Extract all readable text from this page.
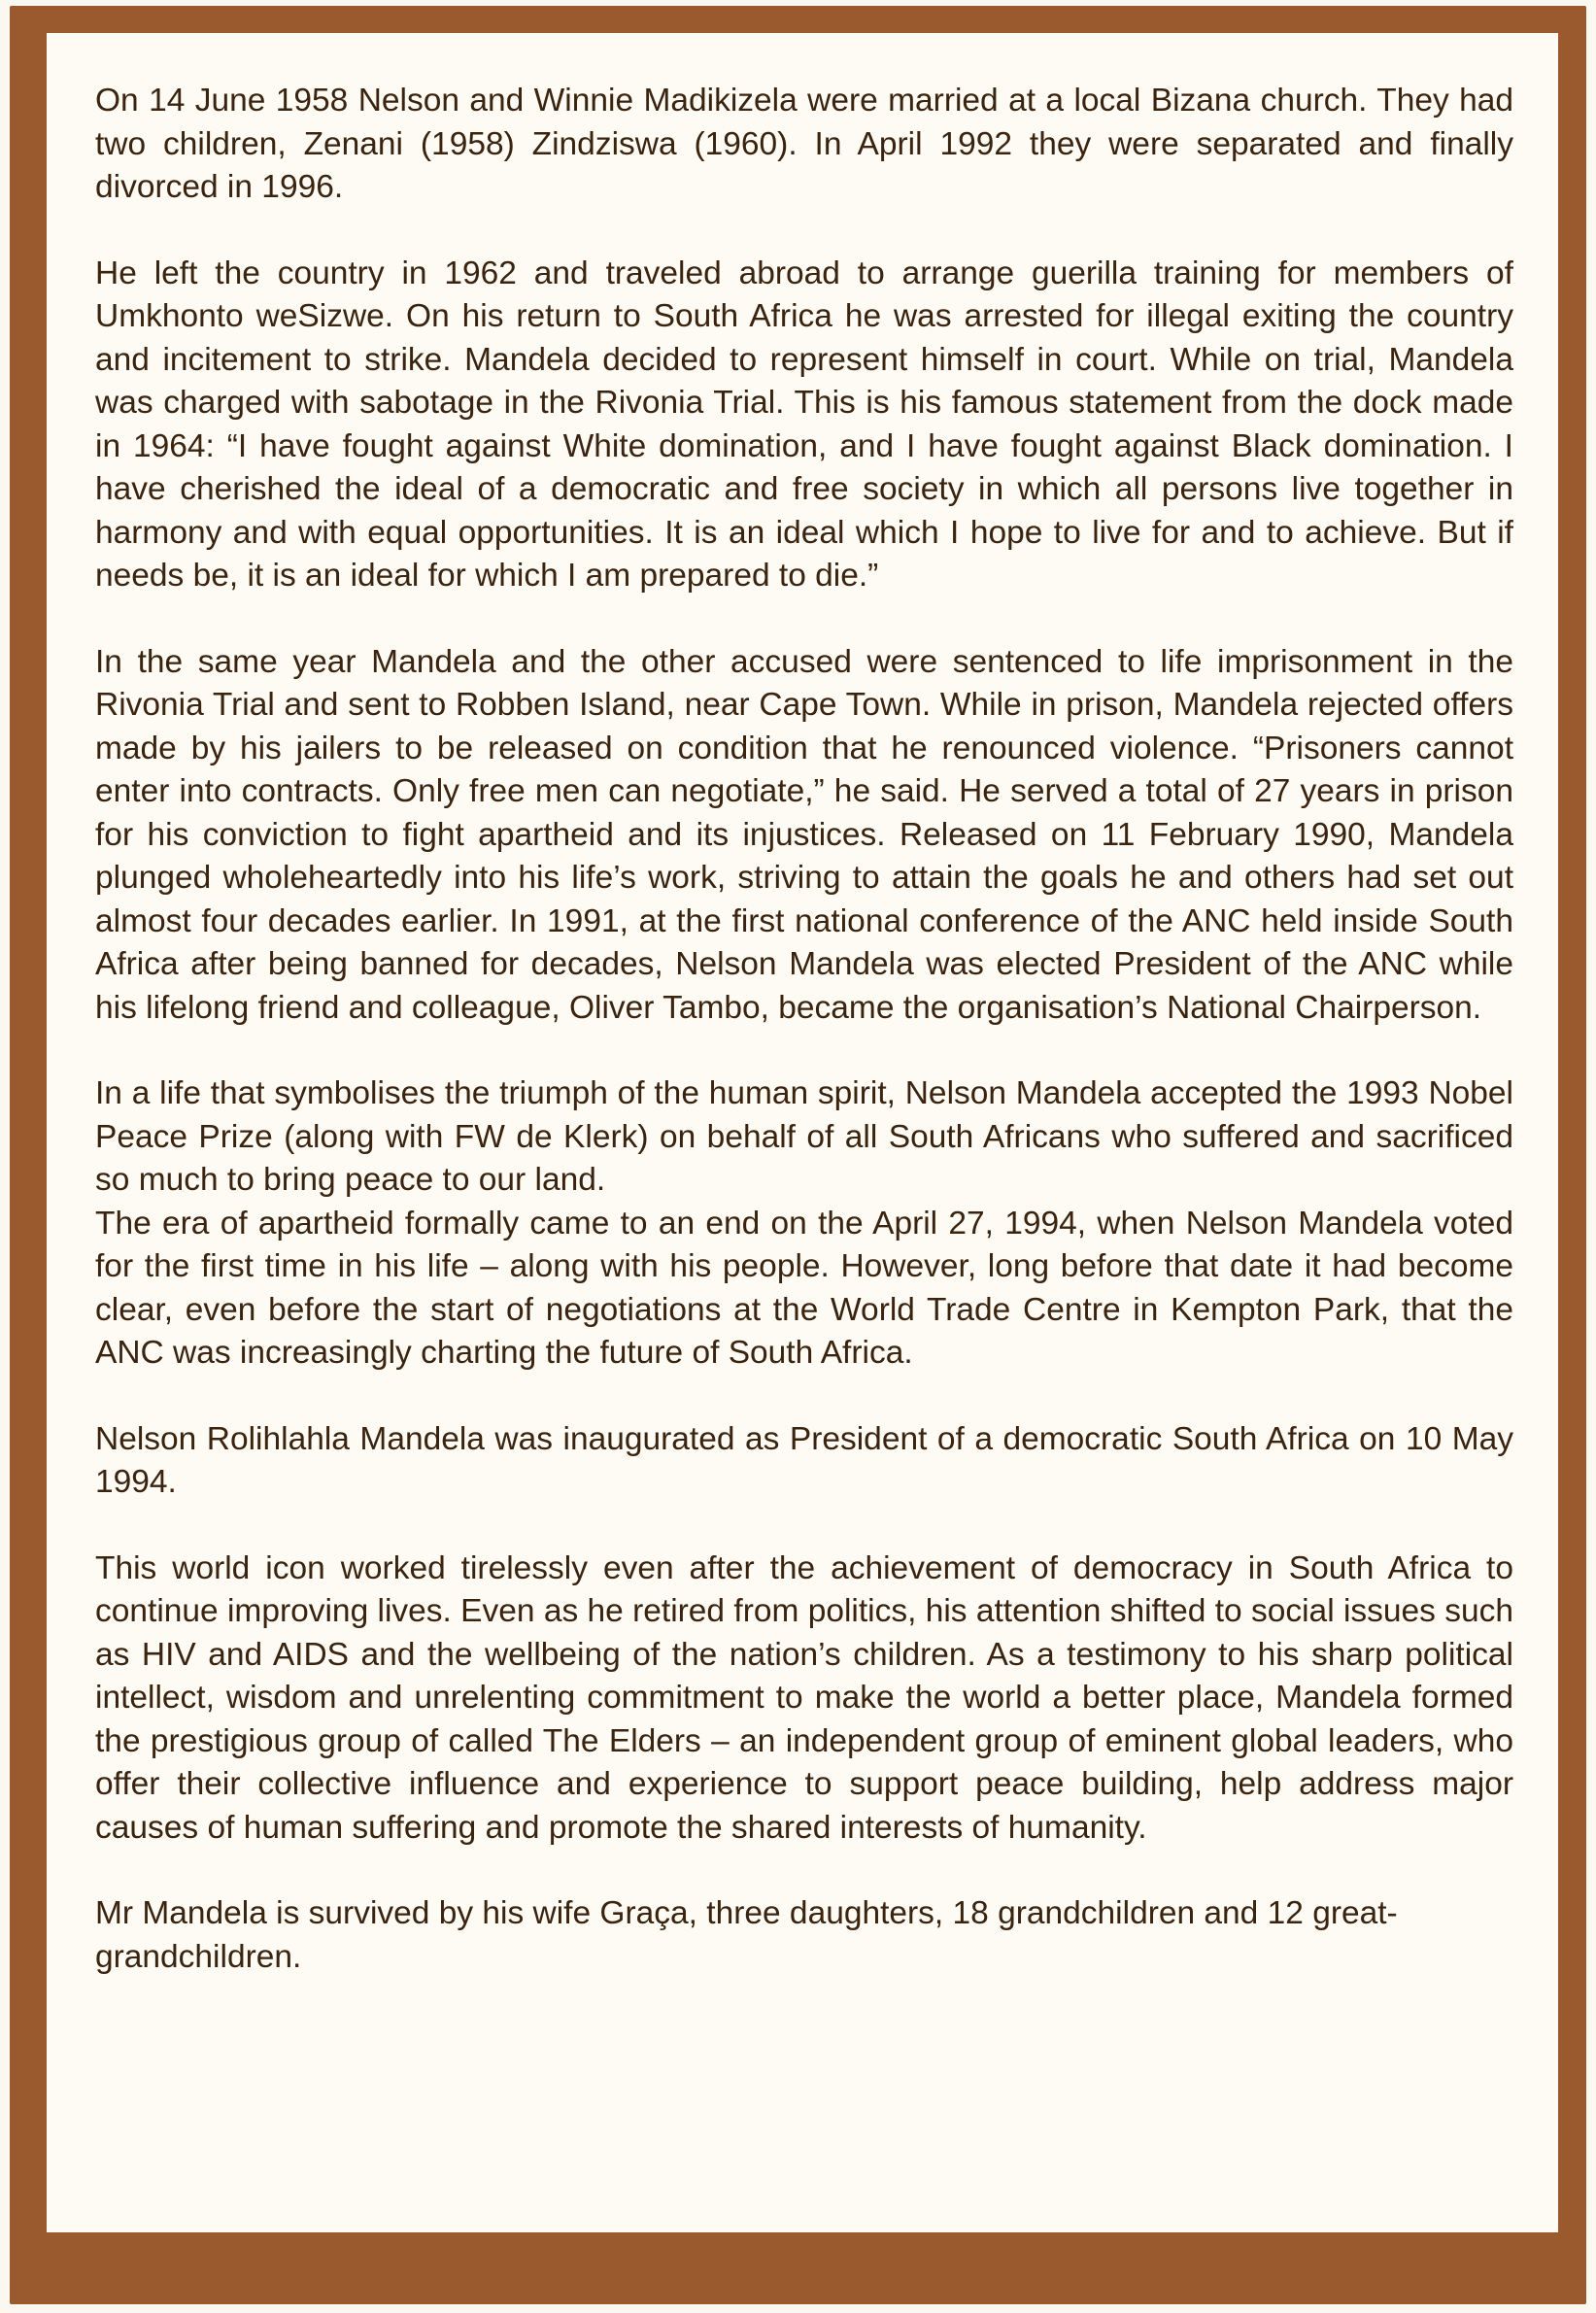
On 14 June 1958 Nelson and Winnie Madikizela were married at a local Bizana church. They had two children, Zenani (1958) Zindziswa (1960). In April 1992 they were separated and finally divorced in 1996.

He left the country in 1962 and traveled abroad to arrange guerilla training for members of Umkhonto weSizwe. On his return to South Africa he was arrested for illegal exiting the country and incitement to strike. Mandela decided to represent himself in court. While on trial, Mandela was charged with sabotage in the Rivonia Trial. This is his famous statement from the dock made in 1964: “I have fought against White domination, and I have fought against Black domination. I have cherished the ideal of a democratic and free society in which all persons live together in harmony and with equal opportunities. It is an ideal which I hope to live for and to achieve. But if needs be, it is an ideal for which I am prepared to die.”

In the same year Mandela and the other accused were sentenced to life imprisonment in the Rivonia Trial and sent to Robben Island, near Cape Town. While in prison, Mandela rejected offers made by his jailers to be released on condition that he renounced violence. “Prisoners cannot enter into contracts. Only free men can negotiate,” he said. He served a total of 27 years in prison for his conviction to fight apartheid and its injustices. Released on 11 February 1990, Mandela plunged wholeheartedly into his life’s work, striving to attain the goals he and others had set out almost four decades earlier. In 1991, at the first national conference of the ANC held inside South Africa after being banned for decades, Nelson Mandela was elected President of the ANC while his lifelong friend and colleague, Oliver Tambo, became the organisation’s National Chairperson.

In a life that symbolises the triumph of the human spirit, Nelson Mandela accepted the 1993 Nobel Peace Prize (along with FW de Klerk) on behalf of all South Africans who suffered and sacrificed so much to bring peace to our land.

The era of apartheid formally came to an end on the April 27, 1994, when Nelson Mandela voted for the first time in his life – along with his people. However, long before that date it had become clear, even before the start of negotiations at the World Trade Centre in Kempton Park, that the ANC was increasingly charting the future of South Africa.

Nelson Rolihlahla Mandela was inaugurated as President of a democratic South Africa on 10 May 1994.

This world icon worked tirelessly even after the achievement of democracy in South Africa to continue improving lives. Even as he retired from politics, his attention shifted to social issues such as HIV and AIDS and the wellbeing of the nation’s children. As a testimony to his sharp political intellect, wisdom and unrelenting commitment to make the world a better place, Mandela formed the prestigious group of called The Elders – an independent group of eminent global leaders, who offer their collective influence and experience to support peace building, help address major causes of human suffering and promote the shared interests of humanity.

Mr Mandela is survived by his wife Graça, three daughters, 18 grandchildren and 12 great-grandchildren.
